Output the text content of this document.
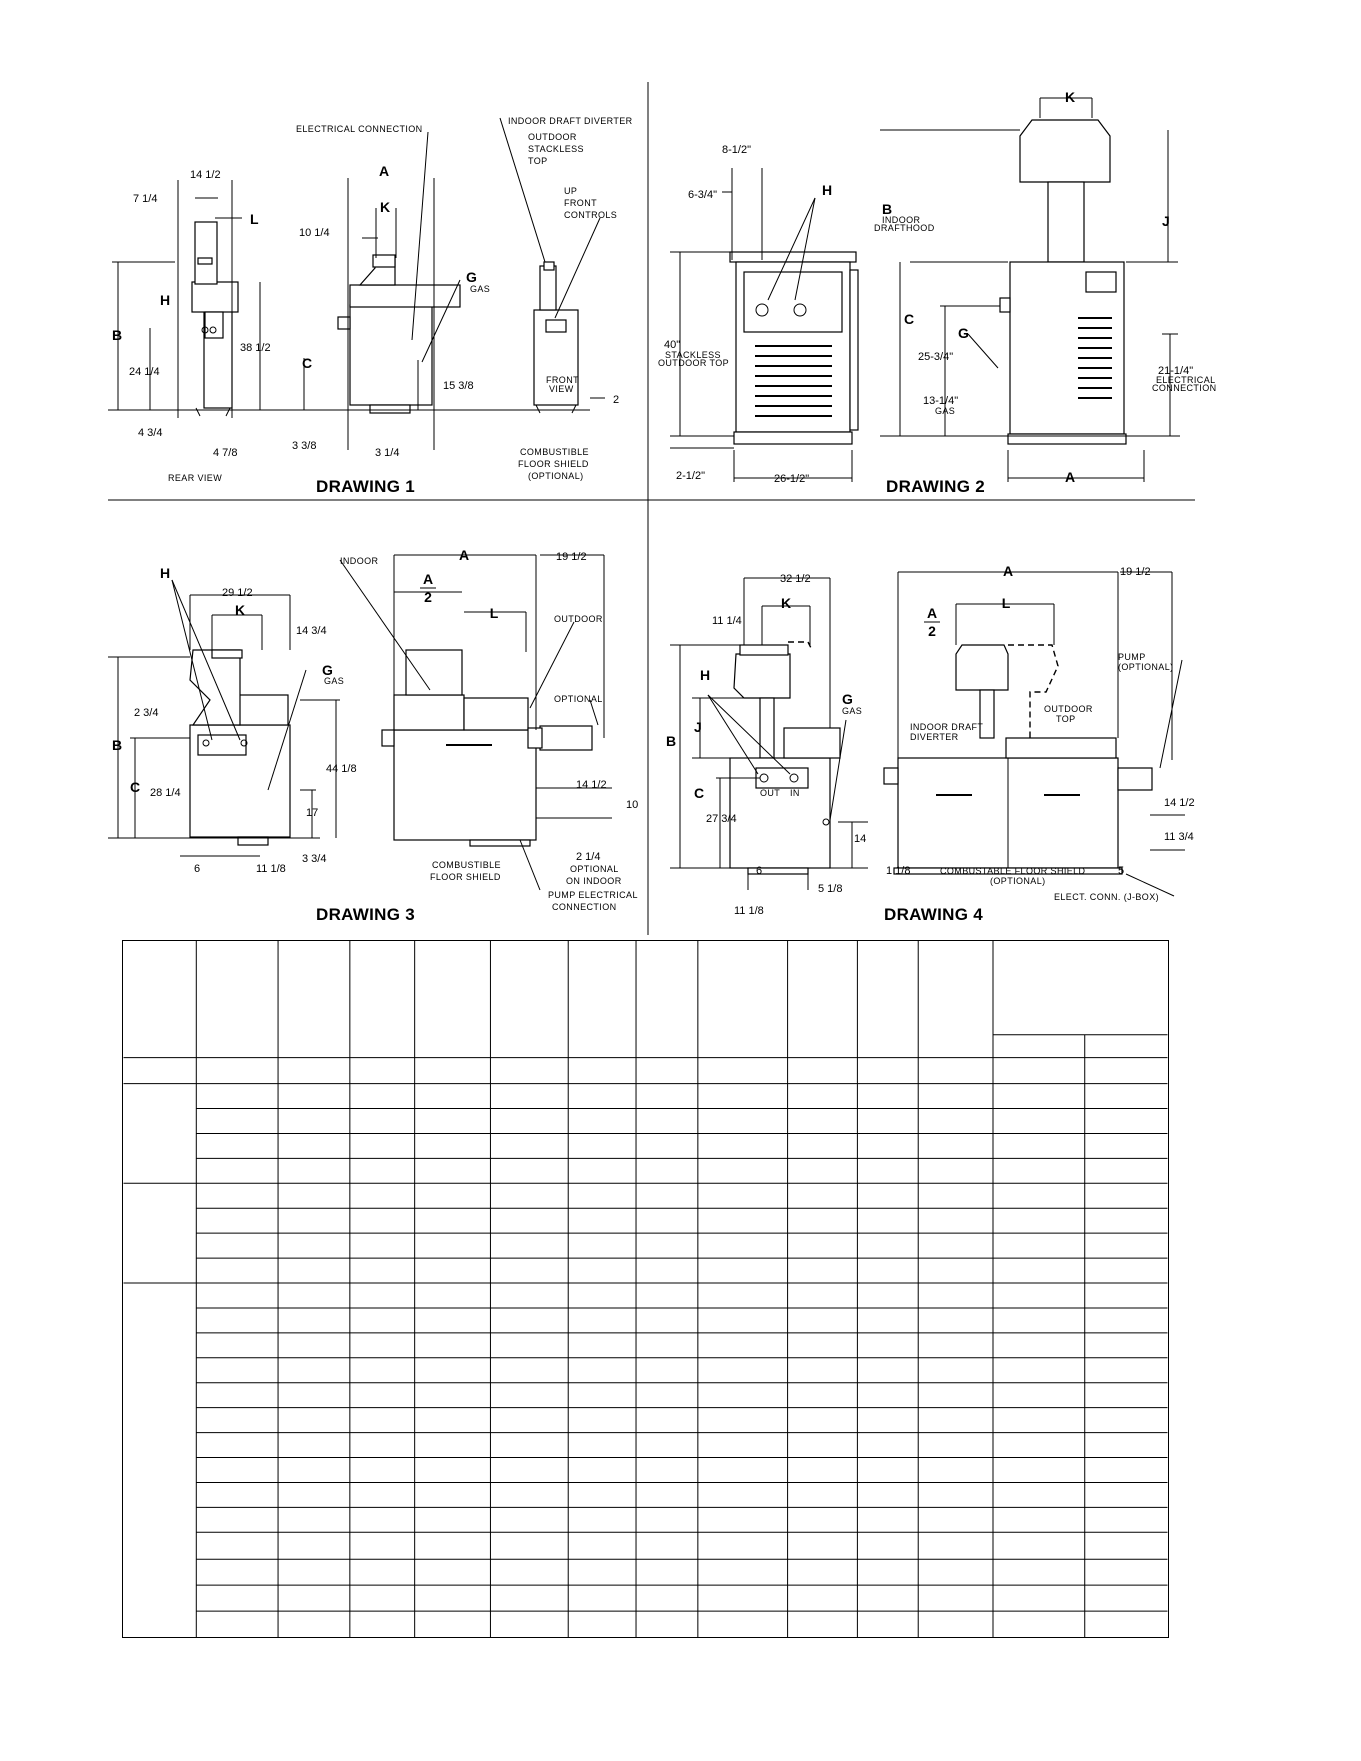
A
K
L
H
B
C
G
GAS
14 1/2
7 1/4
10 1/4
38 1/2
24 1/4
15 3/8
4 3/4
4 7/8
3 3/8
3 1/4
2
ELECTRICAL CONNECTION
INDOOR DRAFT DIVERTER
OUTDOOR
STACKLESS
TOP
UP
FRONT
CONTROLS
REAR VIEW
FRONT
VIEW
COMBUSTIBLE
FLOOR SHIELD
(OPTIONAL)
DRAWING 1
K
H
B
INDOOR
DRAFTHOOD	J
C
G
A
8-1/2"
6-3/4"
40"
STACKLESS
OUTDOOR TOP
2-1/2"	26-1/2"
25-3/4"
13-1/4"
GAS
21-1/4"
ELECTRICAL
CONNECTION
DRAWING 2
H
K
B
C
G
GAS
A
A
2
L
29 1/2
14 3/4
19 1/2
2 3/4
28 1/4
44 1/8
17
3 3/4
6	11 1/8
14 1/2
10
2 1/4
INDOOR
OUTDOOR
OPTIONAL
COMBUSTIBLE
FLOOR SHIELD
OPTIONAL
ON INDOOR
PUMP ELECTRICAL
CONNECTION
DRAWING 3
K
H
B
J
C
G
GAS
A
A
2
L
32 1/2
11 1/4
27 3/4
6
11 1/8
5 1/8
14
19 1/2
14 1/2
11 3/4
1 1/8	5
OUT IN
INDOOR DRAFT
DIVERTER
OUTDOOR
TOP
PUMP
(OPTIONAL)
COMBUSTABLE FLOOR SHIELD
(OPTIONAL)
ELECT. CONN. (J-BOX)
DRAWING 4
